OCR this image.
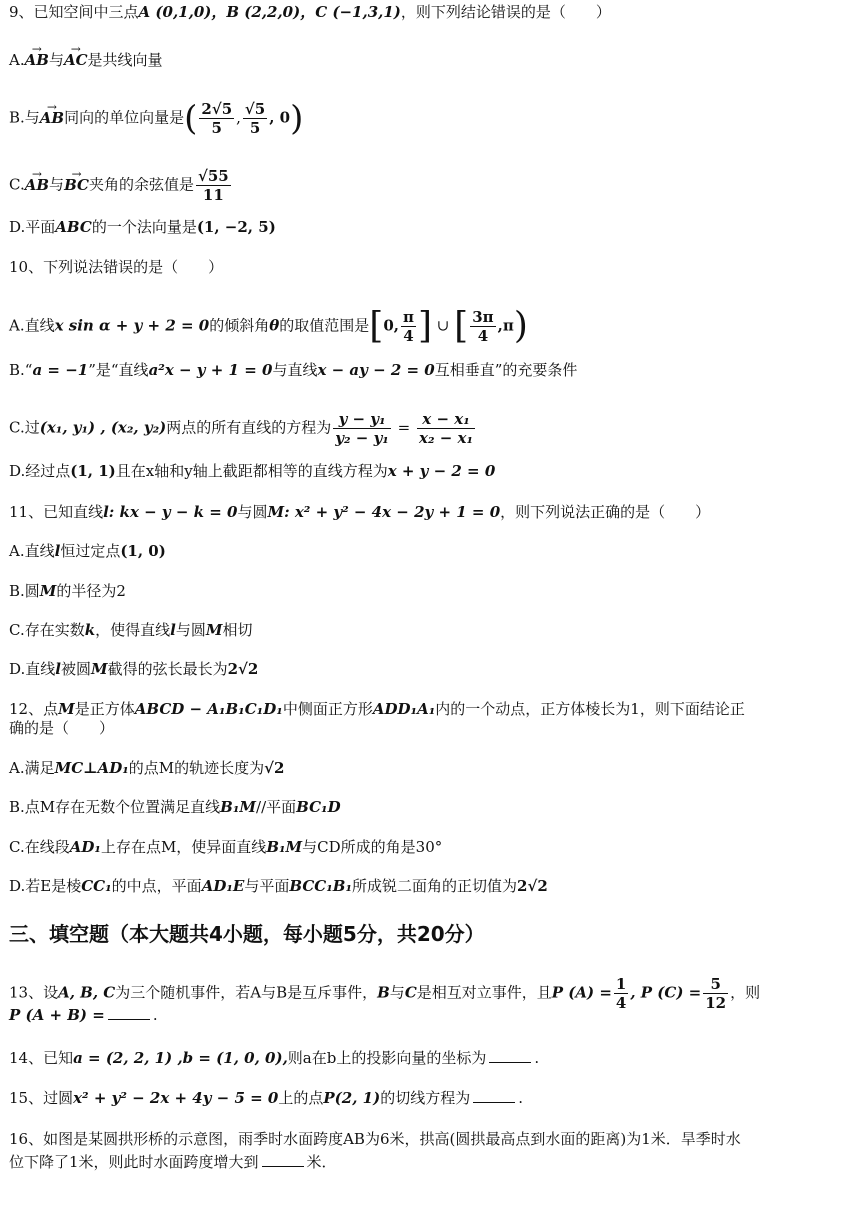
9、已知空间中三点A (0,1,0)，B (2,2,0)，C (−1,3,1)，则下列结论错误的是（　　）
A.→ AB与→ AC是共线向量
B.与→ AB同向的单位向量是( $\frac{2√5}{5}$ , $\frac{√5}{5}$ , 0)
C.→ AB与→ BC夹角的余弦值是 $\frac{√55}{11}$
D.平面ABC的一个法向量是(1, −2, 5)
10、下列说法错误的是（　　）
A.直线x sin α + y + 2 = 0的倾斜角θ的取值范围是[0, $\frac{\pi}{4}$ ] ∪ [ $\frac{3\pi}{4} ,\pi$)
B.“a = −1”是“直线a²x − y + 1 = 0与直线x − ay − 2 = 0互相垂直”的充要条件
C.过(x₁, y₁) , (x₂, y₂)两点的所有直线的方程为 $\frac{\text{y − y₁}}{\text{y₂ − y₁}} = \frac{\text{x − x₁}}{\text{x₂ − x₁}}$
D.经过点(1, 1)且在x轴和y轴上截距都相等的直线方程为x + y − 2 = 0
11、已知直线l: kx − y − k = 0与圆M: x² + y² − 4x − 2y + 1 = 0，则下列说法正确的是（　　）
A.直线l恒过定点(1, 0)
B.圆M的半径为2
C.存在实数k，使得直线l与圆M相切
D.直线l被圆M截得的弦长最长为2√2
12、点M是正方体ABCD − A₁B₁C₁D₁中侧面正方形ADD₁A₁内的一个动点，正方体棱长为1，则下面结论正
确的是（　　）
A.满足MC⊥AD₁的点M的轨迹长度为√2
B.点M存在无数个位置满足直线B₁M//平面BC₁D
C.在线段AD₁上存在点M，使异面直线B₁M与CD所成的角是30°
D.若E是棱CC₁的中点，平面AD₁E与平面BCC₁B₁所成锐二面角的正切值为2√2
三、填空题（本大题共4小题，每小题5分，共20分）
13、设A, B, C为三个随机事件，若A与B是互斥事件，B与C是相互对立事件，且P $(A) = \frac{1}{4}$ , P $(C) = \frac{5}{12}$ ，则
P (A + B) =	.
14、已知a = (2, 2, 1) ,b = (1, 0, 0),则a在b上的投影向量的坐标为	.
15、过圆x² + y² − 2x + 4y − 5 = 0上的点P(2, 1)的切线方程为	.
16、如图是某圆拱形桥的示意图，雨季时水面跨度AB为6米，拱高(圆拱最高点到水面的距离)为1米．旱季时水
位下降了1米，则此时水面跨度增大到	米．
